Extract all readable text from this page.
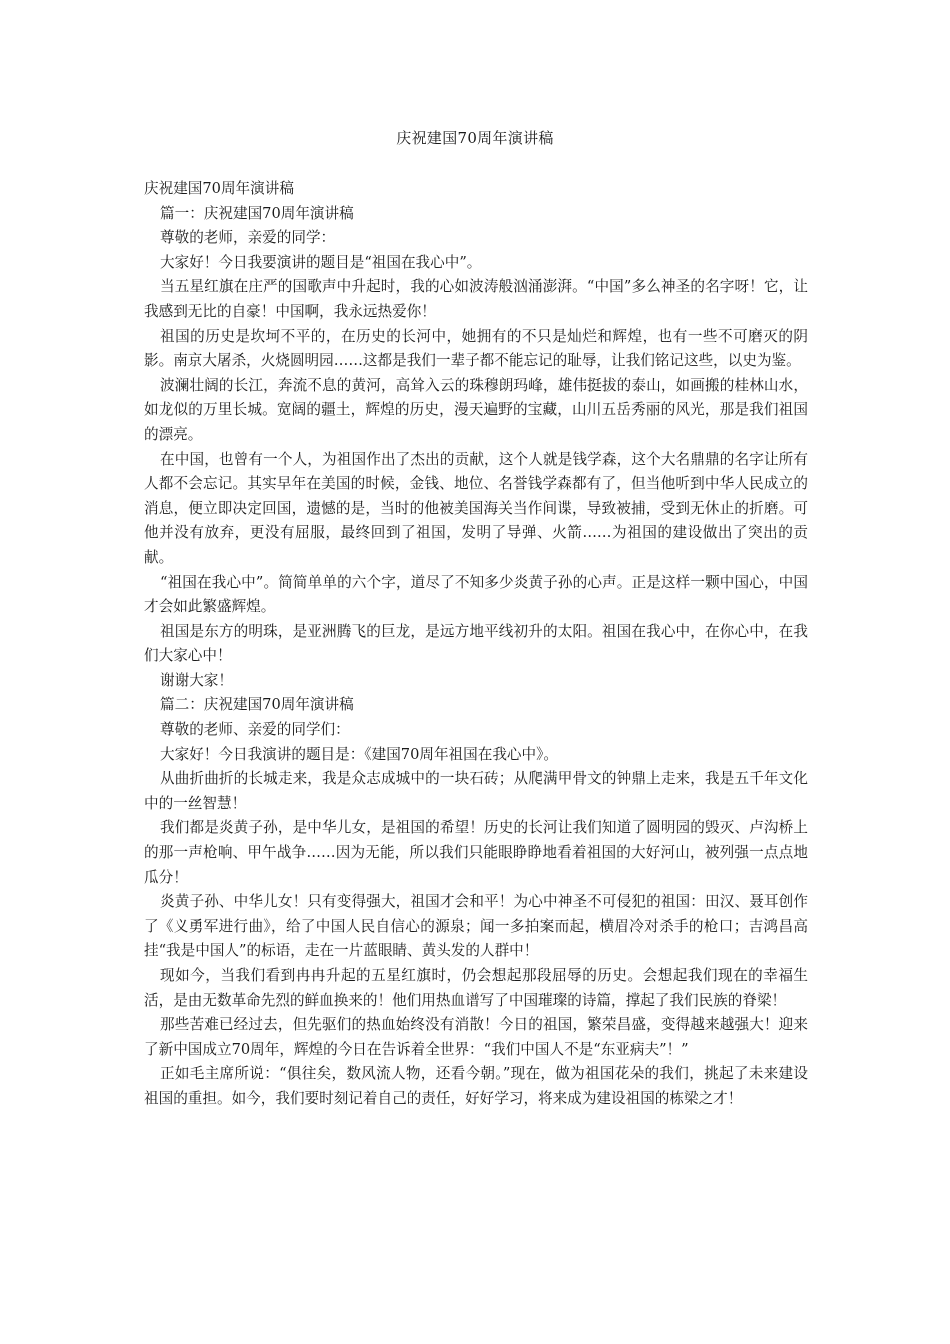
庆祝建国70周年演讲稿

庆祝建国70周年演讲稿

篇一：庆祝建国70周年演讲稿

尊敬的老师，亲爱的同学：

大家好！今日我要演讲的题目是“祖国在我心中”。

当五星红旗在庄严的国歌声中升起时，我的心如波涛般汹涌澎湃。“中国”多么神圣的名字呀！它，让我感到无比的自豪！中国啊，我永远热爱你！

祖国的历史是坎坷不平的，在历史的长河中，她拥有的不只是灿烂和辉煌，也有一些不可磨灭的阴影。南京大屠杀，火烧圆明园……这都是我们一辈子都不能忘记的耻辱，让我们铭记这些，以史为鉴。

波澜壮阔的长江，奔流不息的黄河，高耸入云的珠穆朗玛峰，雄伟挺拔的泰山，如画搬的桂林山水，如龙似的万里长城。宽阔的疆土，辉煌的历史，漫天遍野的宝藏，山川五岳秀丽的风光，那是我们祖国的漂亮。

在中国，也曾有一个人，为祖国作出了杰出的贡献，这个人就是钱学森，这个大名鼎鼎的名字让所有人都不会忘记。其实早年在美国的时候，金钱、地位、名誉钱学森都有了，但当他听到中华人民成立的消息，便立即决定回国，遗憾的是，当时的他被美国海关当作间谍，导致被捕，受到无休止的折磨。可他并没有放弃，更没有屈服，最终回到了祖国，发明了导弹、火箭……为祖国的建设做出了突出的贡献。

“祖国在我心中”。简简单单的六个字，道尽了不知多少炎黄子孙的心声。正是这样一颗中国心，中国才会如此繁盛辉煌。

祖国是东方的明珠，是亚洲腾飞的巨龙，是远方地平线初升的太阳。祖国在我心中，在你心中，在我们大家心中！

谢谢大家！

篇二：庆祝建国70周年演讲稿

尊敬的老师、亲爱的同学们：

大家好！今日我演讲的题目是：《建国70周年祖国在我心中》。

从曲折曲折的长城走来，我是众志成城中的一块石砖；从爬满甲骨文的钟鼎上走来，我是五千年文化中的一丝智慧！

我们都是炎黄子孙，是中华儿女，是祖国的希望！历史的长河让我们知道了圆明园的毁灭、卢沟桥上的那一声枪响、甲午战争……因为无能，所以我们只能眼睁睁地看着祖国的大好河山，被列强一点点地瓜分！

炎黄子孙、中华儿女！只有变得强大，祖国才会和平！为心中神圣不可侵犯的祖国：田汉、聂耳创作了《义勇军进行曲》，给了中国人民自信心的源泉；闻一多拍案而起，横眉冷对杀手的枪口；吉鸿昌高挂“我是中国人”的标语，走在一片蓝眼睛、黄头发的人群中！

现如今，当我们看到冉冉升起的五星红旗时，仍会想起那段屈辱的历史。会想起我们现在的幸福生活，是由无数革命先烈的鲜血换来的！他们用热血谱写了中国璀璨的诗篇，撑起了我们民族的脊梁！

那些苦难已经过去，但先驱们的热血始终没有消散！今日的祖国，繁荣昌盛，变得越来越强大！迎来了新中国成立70周年，辉煌的今日在告诉着全世界：“我们中国人不是“东亚病夫”！”

正如毛主席所说：“俱往矣，数风流人物，还看今朝。”现在，做为祖国花朵的我们，挑起了未来建设祖国的重担。如今，我们要时刻记着自己的责任，好好学习，将来成为建设祖国的栋梁之才！
